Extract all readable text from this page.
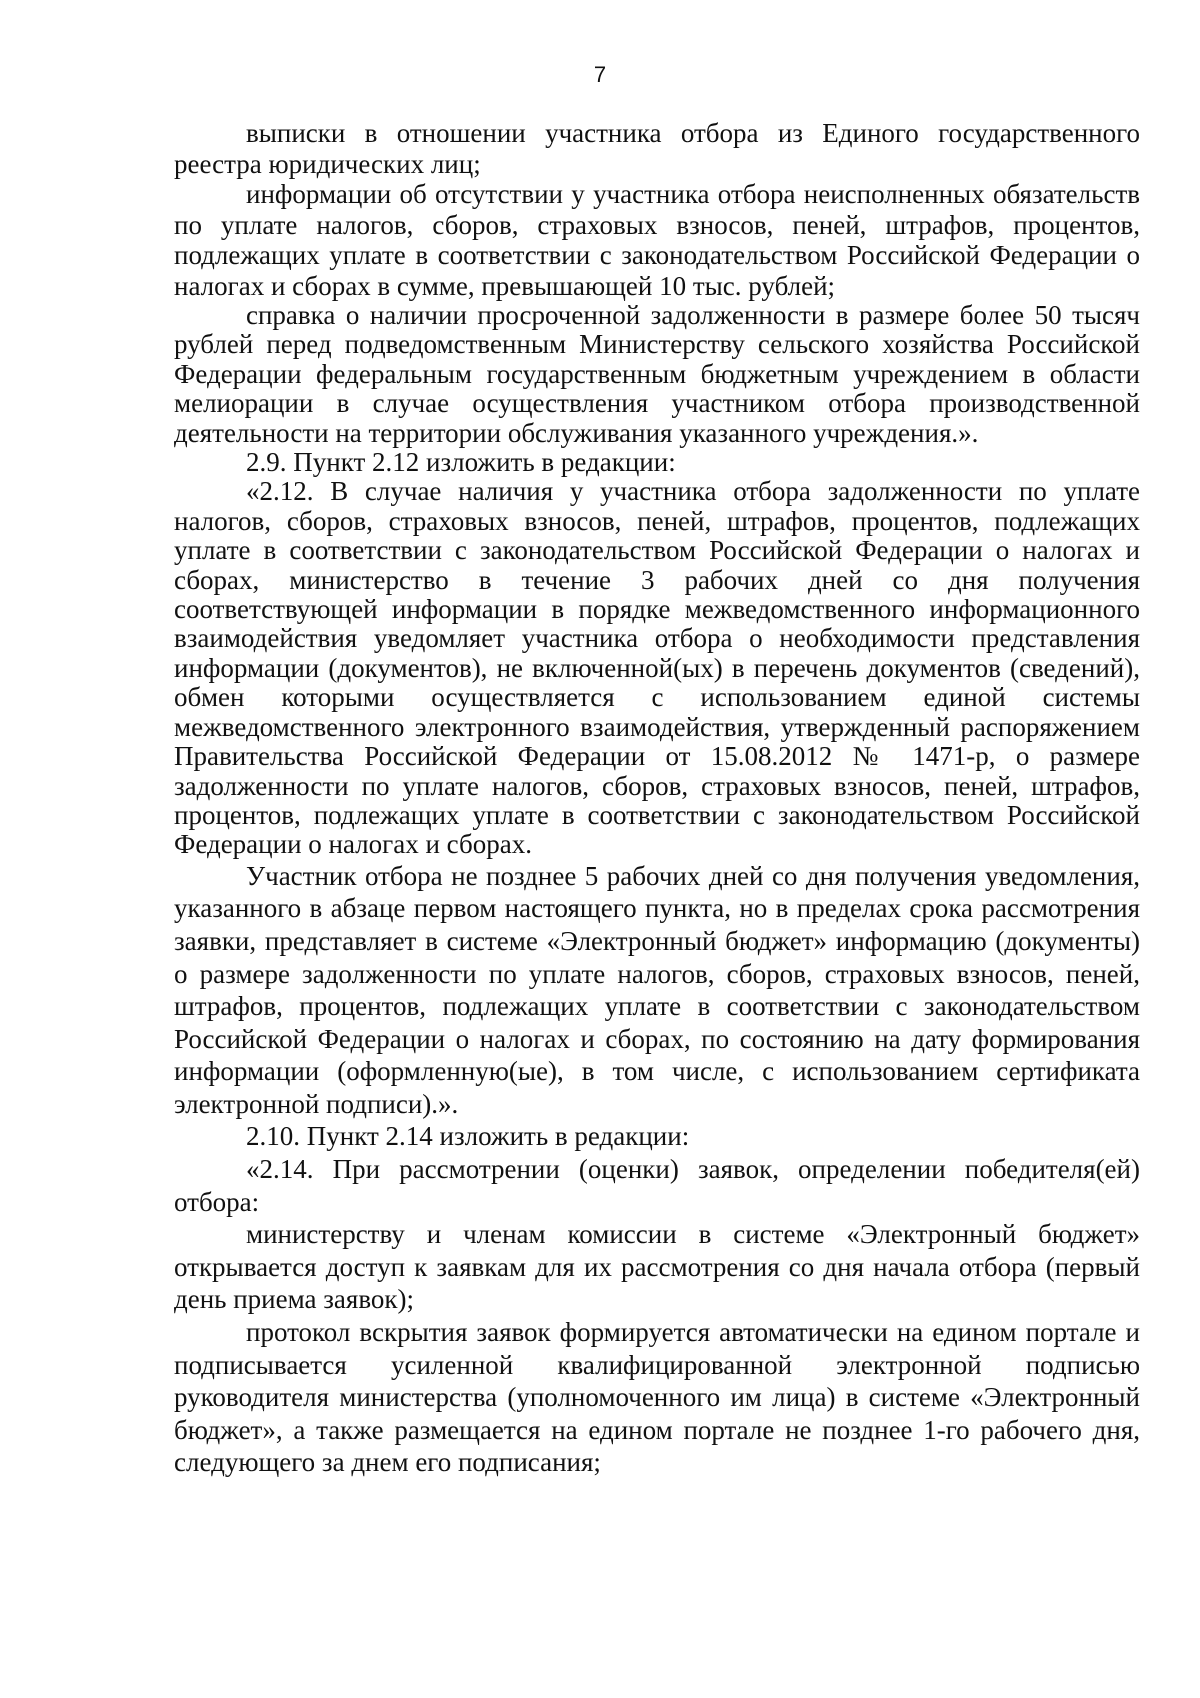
7

выписки в отношении участника отбора из Единого государственного реестра юридических лиц;

информации об отсутствии у участника отбора неисполненных обязательств по уплате налогов, сборов, страховых взносов, пеней, штрафов, процентов, подлежащих уплате в соответствии с законодательством Российской Федерации о налогах и сборах в сумме, превышающей 10 тыс. рублей;

справка о наличии просроченной задолженности в размере более 50 тысяч рублей перед подведомственным Министерству сельского хозяйства Российской Федерации федеральным государственным бюджетным учреждением в области мелиорации в случае осуществления участником отбора производственной деятельности на территории обслуживания указанного учреждения.».

2.9. Пункт 2.12 изложить в редакции:

«2.12. В случае наличия у участника отбора задолженности по уплате налогов, сборов, страховых взносов, пеней, штрафов, процентов, подлежащих уплате в соответствии с законодательством Российской Федерации о налогах и сборах, министерство в течение 3 рабочих дней со дня получения соответствующей информации в порядке межведомственного информационного взаимодействия уведомляет участника отбора о необходимости представления информации (документов), не включенной(ых) в перечень документов (сведений), обмен которыми осуществляется с использованием единой системы межведомственного электронного взаимодействия, утвержденный распоряжением Правительства Российской Федерации от 15.08.2012 № 1471-р, о размере задолженности по уплате налогов, сборов, страховых взносов, пеней, штрафов, процентов, подлежащих уплате в соответствии с законодательством Российской Федерации о налогах и сборах.

Участник отбора не позднее 5 рабочих дней со дня получения уведомления, указанного в абзаце первом настоящего пункта, но в пределах срока рассмотрения заявки, представляет в системе «Электронный бюджет» информацию (документы) о размере задолженности по уплате налогов, сборов, страховых взносов, пеней, штрафов, процентов, подлежащих уплате в соответствии с законодательством Российской Федерации о налогах и сборах, по состоянию на дату формирования информации (оформленную(ые), в том числе, с использованием сертификата электронной подписи).».

2.10. Пункт 2.14 изложить в редакции:

«2.14. При рассмотрении (оценки) заявок, определении победителя(ей) отбора:

министерству и членам комиссии в системе «Электронный бюджет» открывается доступ к заявкам для их рассмотрения со дня начала отбора (первый день приема заявок);

протокол вскрытия заявок формируется автоматически на едином портале и подписывается усиленной квалифицированной электронной подписью руководителя министерства (уполномоченного им лица) в системе «Электронный бюджет», а также размещается на едином портале не позднее 1-го рабочего дня, следующего за днем его подписания;
